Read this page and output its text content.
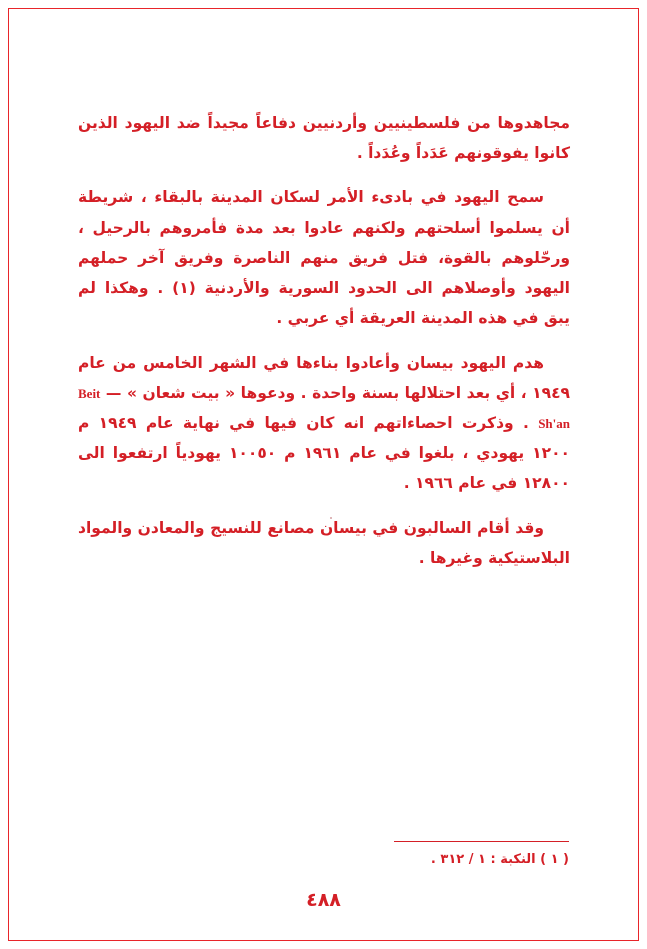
مجاهدوها من فلسطينيين وأردنيين دفاعاً مجيداً ضد اليهود الذين كانوا يفوقونهم عَدَداً وعُدَداً .

سمح اليهود في بادىء الأمر لسكان المدينة بالبقاء ، شريطة أن يسلموا أسلحتهم ولكنهم عادوا بعد مدة فأمروهم بالرحيل ، ورحّلوهم بالقوة، فتل فريق منهم الناصرة وفريق آخر حملهم اليهود وأوصلاهم الى الحدود السورية والأردنية (١) . وهكذا لم يبق في هذه المدينة العريقة أي عربي .

هدم اليهود بيسان وأعادوا بناءها في الشهر الخامس من عام ١٩٤٩ ، أي بعد احتلالها بسنة واحدة . ودعوها « بيت شعان » — Beit Sh'an . وذكرت احصاءاتهم انه كان فيها في نهاية عام ١٩٤٩ م ١٢٠٠ يهودي ، بلغوا في عام ١٩٦١ م ١٠٠٥٠ يهودياً ارتفعوا الى ١٢٨٠٠ في عام ١٩٦٦ .

وقد أقام السالبون في بيسان مصانع للنسيج والمعادن والمواد البلاستيكية وغيرها .

( ١ ) النكبة : ١ / ٣١٢ .

٤٨٨
